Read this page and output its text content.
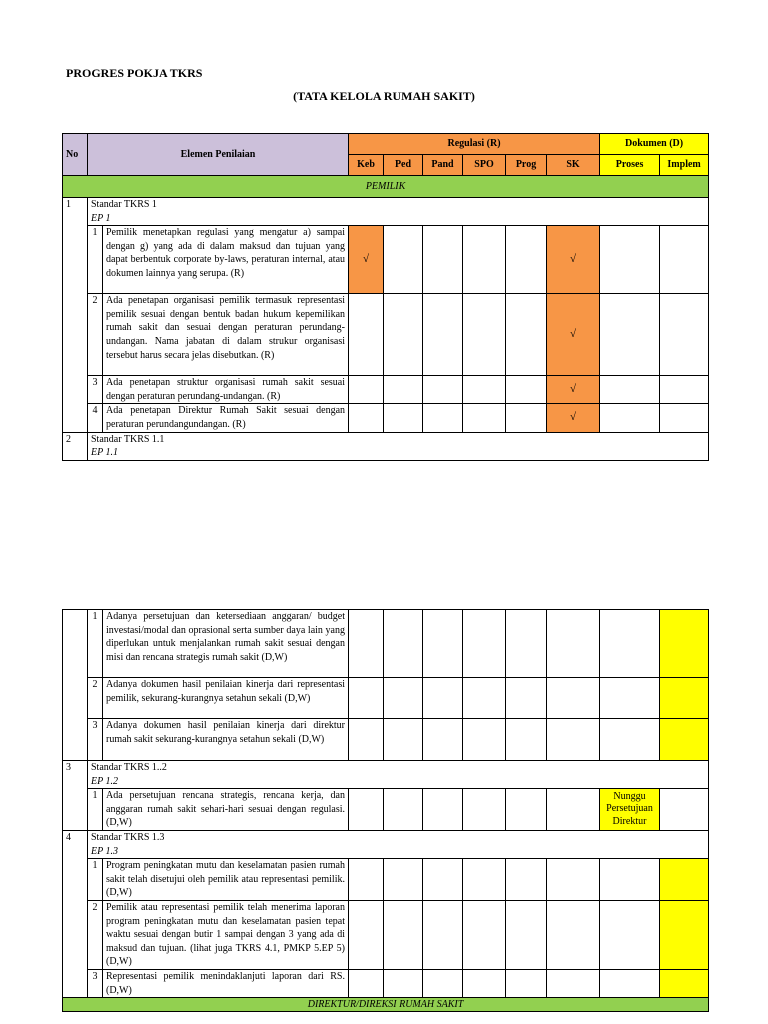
PROGRES POKJA TKRS
(TATA KELOLA RUMAH SAKIT)
No	Elemen Penilaian		Regulasi (R)						Dokumen (D)	
			Keb	Ped	Pand	SPO	Prog	SK	Proses	Implem
PEMILIK										
1	Standar TKRS 1
EP 1									
	1	Pemilik menetapkan regulasi yang mengatur a) sampai dengan g) yang ada di dalam maksud dan tujuan yang dapat berbentuk corporate by-laws, peraturan internal, atau dokumen lainnya yang serupa. (R)	√					√		
	2	Ada penetapan organisasi pemilik termasuk representasi pemilik sesuai dengan bentuk badan hukum kepemilikan rumah sakit dan sesuai dengan peraturan perundang-undangan. Nama jabatan di dalam strukur organisasi tersebut harus secara jelas disebutkan. (R)						√		
	3	Ada penetapan struktur organisasi rumah sakit sesuai dengan peraturan perundang-undangan. (R)						√		
	4	Ada penetapan Direktur Rumah Sakit sesuai dengan peraturan perundangundangan. (R)						√		
2	Standar TKRS 1.1
EP 1.1									
	1	Adanya persetujuan dan ketersediaan anggaran/ budget investasi/modal dan oprasional serta sumber daya lain yang diperlukan untuk menjalankan rumah sakit sesuai dengan misi dan rencana strategis rumah sakit (D,W)								
	2	Adanya dokumen hasil penilaian kinerja dari representasi pemilik, sekurang-kurangnya setahun sekali (D,W)								
	3	Adanya dokumen hasil penilaian kinerja dari direktur rumah sakit sekurang-kurangnya setahun sekali (D,W)								
3	Standar TKRS 1..2
EP 1.2									
	1	Ada persetujuan rencana strategis, rencana kerja, dan anggaran rumah sakit sehari-hari sesuai dengan regulasi. (D,W)							Nunggu Persetujuan Direktur	
4	Standar TKRS 1.3
EP 1.3									
	1	Program peningkatan mutu dan keselamatan pasien rumah sakit telah disetujui oleh pemilik atau representasi pemilik. (D,W)								
	2	Pemilik atau representasi pemilik telah menerima laporan program peningkatan mutu dan keselamatan pasien tepat waktu sesuai dengan butir 1 sampai dengan 3 yang ada di maksud dan tujuan. (lihat juga TKRS 4.1, PMKP 5.EP 5) (D,W)								
	3	Representasi pemilik menindaklanjuti laporan dari RS. (D,W)								
DIREKTUR/DIREKSI RUMAH SAKIT										
